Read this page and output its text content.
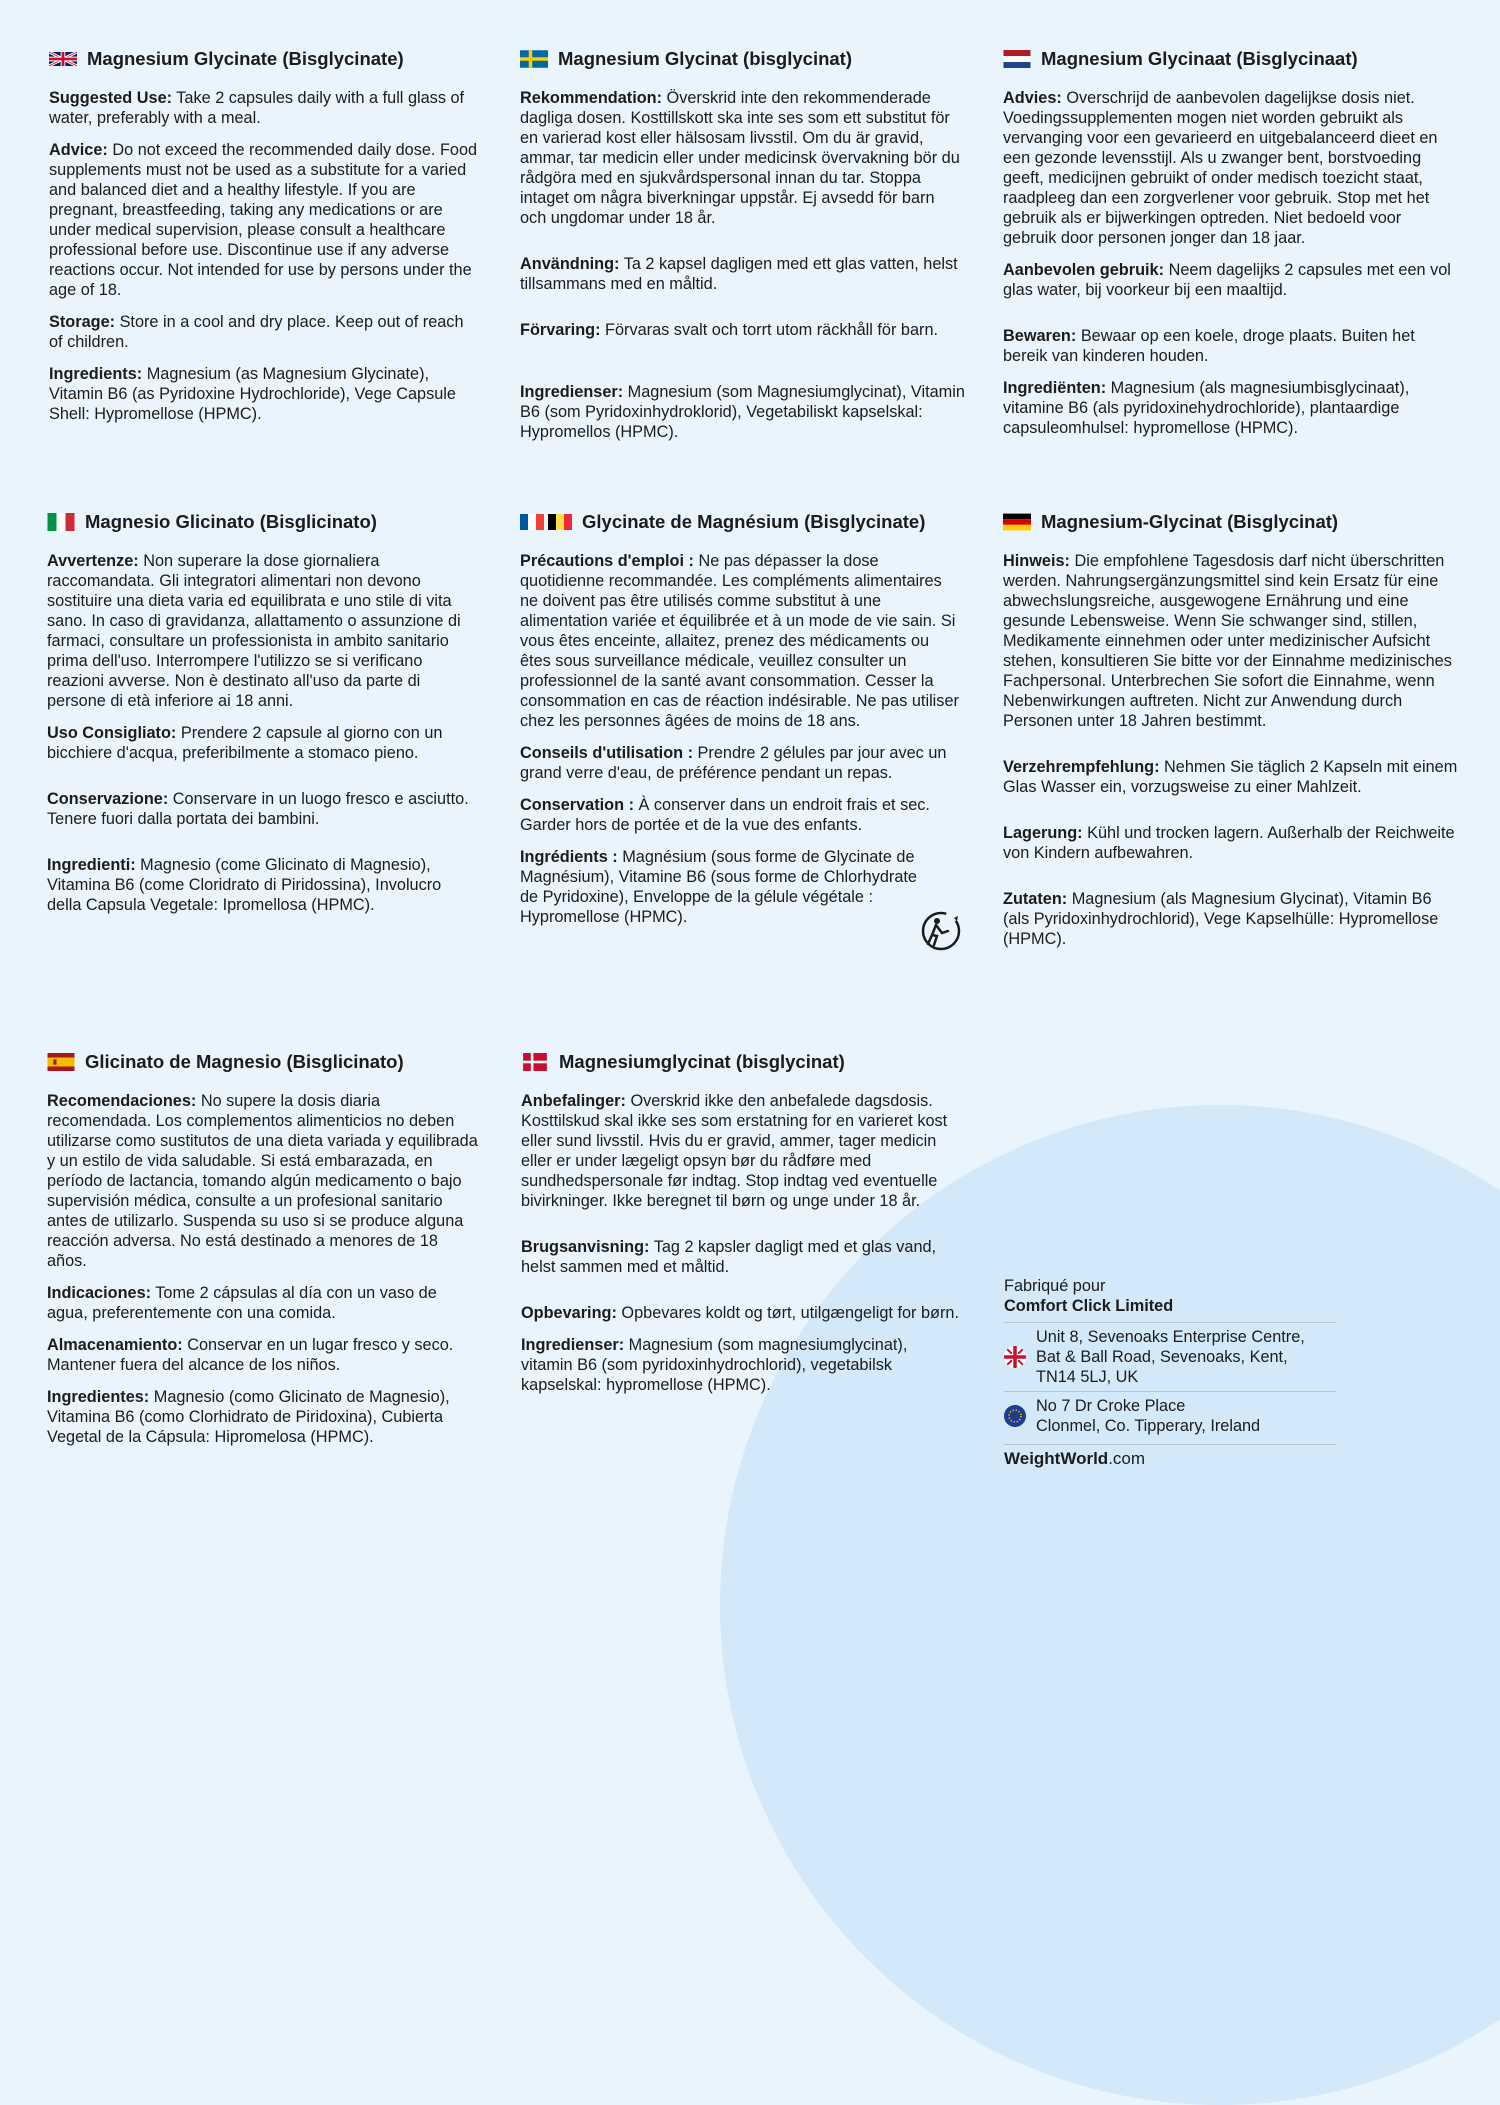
Magnesium Glycinate (Bisglycinate)

Suggested Use: Take 2 capsules daily with a full glass of water, preferably with a meal.

Advice: Do not exceed the recommended daily dose. Food supplements must not be used as a substitute for a varied and balanced diet and a healthy lifestyle. If you are pregnant, breastfeeding, taking any medications or are under medical supervision, please consult a healthcare professional before use. Discontinue use if any adverse reactions occur. Not intended for use by persons under the age of 18.

Storage: Store in a cool and dry place. Keep out of reach of children.

Ingredients: Magnesium (as Magnesium Glycinate), Vitamin B6 (as Pyridoxine Hydrochloride), Vege Capsule Shell: Hypromellose (HPMC).

Magnesium Glycinat (bisglycinat)

Rekommendation: Överskrid inte den rekommenderade dagliga dosen. Kosttillskott ska inte ses som ett substitut för en varierad kost eller hälsosam livsstil. Om du är gravid, ammar, tar medicin eller under medicinsk övervakning bör du rådgöra med en sjukvårdspersonal innan du tar. Stoppa intaget om några biverkningar uppstår. Ej avsedd för barn och ungdomar under 18 år.

Användning: Ta 2 kapsel dagligen med ett glas vatten, helst tillsammans med en måltid.

Förvaring: Förvaras svalt och torrt utom räckhåll för barn.

Ingredienser: Magnesium (som Magnesiumglycinat), Vitamin B6 (som Pyridoxinhydroklorid), Vegetabiliskt kapselskal: Hypromellos (HPMC).

Magnesium Glycinaat (Bisglycinaat)

Advies: Overschrijd de aanbevolen dagelijkse dosis niet. Voedingssupplementen mogen niet worden gebruikt als vervanging voor een gevarieerd en uitgebalanceerd dieet en een gezonde levensstijl. Als u zwanger bent, borstvoeding geeft, medicijnen gebruikt of onder medisch toezicht staat, raadpleeg dan een zorgverlener voor gebruik. Stop met het gebruik als er bijwerkingen optreden. Niet bedoeld voor gebruik door personen jonger dan 18 jaar.

Aanbevolen gebruik: Neem dagelijks 2 capsules met een vol glas water, bij voorkeur bij een maaltijd.

Bewaren: Bewaar op een koele, droge plaats. Buiten het bereik van kinderen houden.

Ingrediënten: Magnesium (als magnesiumbisglycinaat), vitamine B6 (als pyridoxinehydrochloride), plantaardige capsuleomhulsel: hypromellose (HPMC).

Magnesio Glicinato (Bisglicinato)

Avvertenze: Non superare la dose giornaliera raccomandata. Gli integratori alimentari non devono sostituire una dieta varia ed equilibrata e uno stile di vita sano. In caso di gravidanza, allattamento o assunzione di farmaci, consultare un professionista in ambito sanitario prima dell'uso. Interrompere l'utilizzo se si verificano reazioni avverse. Non è destinato all'uso da parte di persone di età inferiore ai 18 anni.

Uso Consigliato: Prendere 2 capsule al giorno con un bicchiere d'acqua, preferibilmente a stomaco pieno.

Conservazione: Conservare in un luogo fresco e asciutto. Tenere fuori dalla portata dei bambini.

Ingredienti: Magnesio (come Glicinato di Magnesio), Vitamina B6 (come Cloridrato di Piridossina), Involucro della Capsula Vegetale: Ipromellosa (HPMC).

Glycinate de Magnésium (Bisglycinate)

Précautions d'emploi : Ne pas dépasser la dose quotidienne recommandée. Les compléments alimentaires ne doivent pas être utilisés comme substitut à une alimentation variée et équilibrée et à un mode de vie sain. Si vous êtes enceinte, allaitez, prenez des médicaments ou êtes sous surveillance médicale, veuillez consulter un professionnel de la santé avant consommation. Cesser la consommation en cas de réaction indésirable. Ne pas utiliser chez les personnes âgées de moins de 18 ans.

Conseils d'utilisation : Prendre 2 gélules par jour avec un grand verre d'eau, de préférence pendant un repas.

Conservation : À conserver dans un endroit frais et sec. Garder hors de portée et de la vue des enfants.

Ingrédients : Magnésium (sous forme de Glycinate de Magnésium), Vitamine B6 (sous forme de Chlorhydrate de Pyridoxine), Enveloppe de la gélule végétale : Hypromellose (HPMC).

Magnesium-Glycinat (Bisglycinat)

Hinweis: Die empfohlene Tagesdosis darf nicht überschritten werden. Nahrungsergänzungsmittel sind kein Ersatz für eine abwechslungsreiche, ausgewogene Ernährung und eine gesunde Lebensweise. Wenn Sie schwanger sind, stillen, Medikamente einnehmen oder unter medizinischer Aufsicht stehen, konsultieren Sie bitte vor der Einnahme medizinisches Fachpersonal. Unterbrechen Sie sofort die Einnahme, wenn Nebenwirkungen auftreten. Nicht zur Anwendung durch Personen unter 18 Jahren bestimmt.

Verzehrempfehlung: Nehmen Sie täglich 2 Kapseln mit einem Glas Wasser ein, vorzugsweise zu einer Mahlzeit.

Lagerung: Kühl und trocken lagern. Außerhalb der Reichweite von Kindern aufbewahren.

Zutaten: Magnesium (als Magnesium Glycinat), Vitamin B6 (als Pyridoxinhydrochlorid), Vege Kapselhülle: Hypromellose (HPMC).

Glicinato de Magnesio (Bisglicinato)

Recomendaciones: No supere la dosis diaria recomendada. Los complementos alimenticios no deben utilizarse como sustitutos de una dieta variada y equilibrada y un estilo de vida saludable. Si está embarazada, en período de lactancia, tomando algún medicamento o bajo supervisión médica, consulte a un profesional sanitario antes de utilizarlo. Suspenda su uso si se produce alguna reacción adversa. No está destinado a menores de 18 años.

Indicaciones: Tome 2 cápsulas al día con un vaso de agua, preferentemente con una comida.

Almacenamiento: Conservar en un lugar fresco y seco. Mantener fuera del alcance de los niños.

Ingredientes: Magnesio (como Glicinato de Magnesio), Vitamina B6 (como Clorhidrato de Piridoxina), Cubierta Vegetal de la Cápsula: Hipromelosa (HPMC).

Magnesiumglycinat (bisglycinat)

Anbefalinger: Overskrid ikke den anbefalede dagsdosis. Kosttilskud skal ikke ses som erstatning for en varieret kost eller sund livsstil. Hvis du er gravid, ammer, tager medicin eller er under lægeligt opsyn bør du rådføre med sundhedspersonale før indtag. Stop indtag ved eventuelle bivirkninger. Ikke beregnet til børn og unge under 18 år.

Brugsanvisning: Tag 2 kapsler dagligt med et glas vand, helst sammen med et måltid.

Opbevaring: Opbevares koldt og tørt, utilgængeligt for børn.

Ingredienser: Magnesium (som magnesiumglycinat), vitamin B6 (som pyridoxinhydrochlorid), vegetabilsk kapselskal: hypromellose (HPMC).

Fabriqué pour
Comfort Click Limited
Unit 8, Sevenoaks Enterprise Centre,
Bat & Ball Road, Sevenoaks, Kent,
TN14 5LJ, UK
No 7 Dr Croke Place
Clonmel, Co. Tipperary, Ireland
WeightWorld.com
